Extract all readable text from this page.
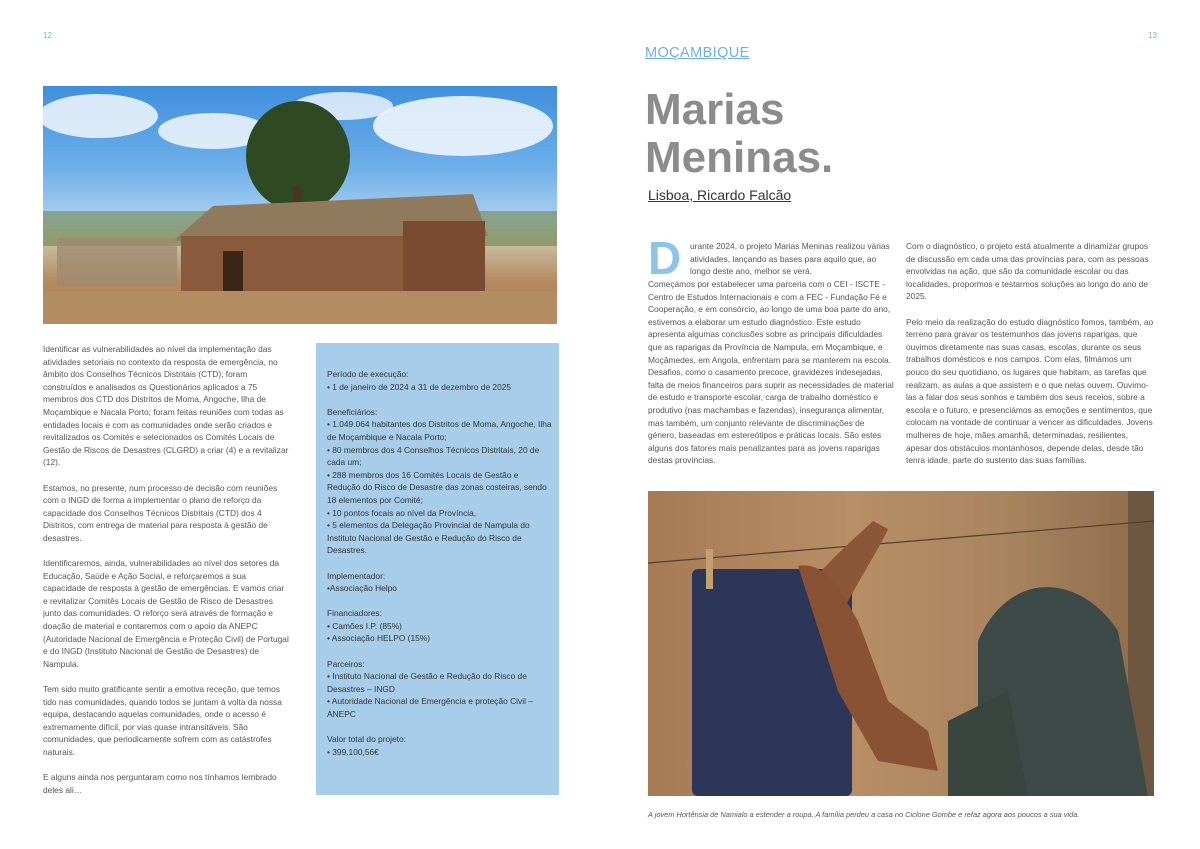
12	13

Identificar as vulnerabilidades ao nível da implementação das atividades setoriais no contexto da resposta de emergência, no âmbito dos Conselhos Técnicos Distritais (CTD); foram construídos e analisados os Questionários aplicados a 75 membros dos CTD dos Distritos de Moma, Angoche, Ilha de Moçambique e Nacala Porto; foram feitas reuniões com todas as entidades locais e com as comunidades onde serão criados e revitalizados os Comités e selecionados os Comités Locais de Gestão de Riscos de Desastres (CLGRD) a criar (4) e a revitalizar (12).

Estamos, no presente, num processo de decisão com reuniões com o INGD de forma a implementar o plano de reforço da capacidade dos Conselhos Técnicos Distritais (CTD) dos 4 Distritos, com entrega de material para resposta à gestão de desastres.

Identificaremos, ainda, vulnerabilidades ao nível dos setores da Educação, Saúde e Ação Social, e reforçaremos a sua capacidade de resposta à gestão de emergências. E vamos criar e revitalizar Comitês Locais de Gestão de Risco de Desastres junto das comunidades. O reforço será através de formação e doação de material e contaremos com o apoio da ANEPC (Autoridade Nacional de Emergência e Proteção Civil) de Portugal e do INGD (Instituto Nacional de Gestão de Desastres) de Nampula.

Tem sido muito gratificante sentir a emotiva receção, que temos tido nas comunidades, quando todos se juntam à volta da nossa equipa, destacando aquelas comunidades, onde o acesso é extremamente difícil, por vias quase intransitáveis. São comunidades, que periodicamente sofrem com as catástrofes naturais.

E alguns ainda nos perguntaram como nos tínhamos lembrado deles ali…

Período de execução:
• 1 de janeiro de 2024 a 31 de dezembro de 2025
Beneficiários:
• 1.049.064 habitantes dos Distritos de Moma, Angoche, Ilha de Moçambique e Nacala Porto;
• 80 membros dos 4 Conselhos Técnicos Distritais, 20 de cada um;
• 288 membros dos 16 Comités Locais de Gestão e Redução do Risco de Desastre das zonas costeiras, sendo 18 elementos por Comité;
• 10 pontos focais ao nível da Província,
• 5 elementos da Delegação Provincial de Nampula do Instituto Nacional de Gestão e Redução do Risco de Desastres.
Implementador:
•Associação Helpo
Financiadores:
• Camões I.P. (85%)
• Associação HELPO (15%)
Parceiros:
• Instituto Nacional de Gestão e Redução do Risco de Desastres – INGD
• Autoridade Nacional de Emergência e proteção Civil – ANEPC
Valor total do projeto:
• 399.100,56€
MOÇAMBIQUE
Marias
Meninas.
Lisboa, Ricardo Falcão
D urante 2024, o projeto Marias Meninas realizou várias atividades, lançando as bases para aquilo que, ao longo deste ano, melhor se verá.
Começámos por estabelecer uma parceria com o CEI - ISCTE - Centro de Estudos Internacionais e com a FEC - Fundação Fé e Cooperação, e em consórcio, ao longo de uma boa parte do ano, estivemos a elaborar um estudo diagnóstico. Este estudo apresenta algumas conclusões sobre as principais dificuldades que as raparigas da Província de Nampula, em Moçambique, e Moçâmedes, em Angola, enfrentam para se manterem na escola. Desafios, como o casamento precoce, gravidezes indesejadas, falta de meios financeiros para suprir as necessidades de material de estudo e transporte escolar, carga de trabalho doméstico e produtivo (nas machambas e fazendas), insegurança alimentar, mas também, um conjunto relevante de discriminações de género, baseadas em estereótipos e práticas locais. São estes alguns dos fatores mais penalizantes para as jovens raparigas destas províncias.

Com o diagnóstico, o projeto está atualmente a dinamizar grupos de discussão em cada uma das províncias para, com as pessoas envolvidas na ação, que são da comunidade escolar ou das localidades, propormos e testarmos soluções ao longo do ano de 2025.

Pelo meio da realização do estudo diagnóstico fomos, também, ao terreno para gravar os testemunhos das jovens raparigas, que ouvimos diretamente nas suas casas, escolas, durante os seus trabalhos domésticos e nos campos. Com elas, filmámos um pouco do seu quotidiano, os lugares que habitam, as tarefas que realizam, as aulas a que assistem e o que nelas ouvem. Ouvimo-las a falar dos seus sonhos e também dos seus receios, sobre a escola e o futuro, e presenciámos as emoções e sentimentos, que colocam na vontade de continuar a vencer as dificuldades. Jovens mulheres de hoje, mães amanhã, determinadas, resilientes, apesar dos obstáculos montanhosos, depende delas, desde tão tenra idade, parte do sustento das suas famílias.

A jovem Hortênsia de Namialo a estender a roupa. A família perdeu a casa no Ciclone Gombe e refaz agora aos poucos a sua vida.
